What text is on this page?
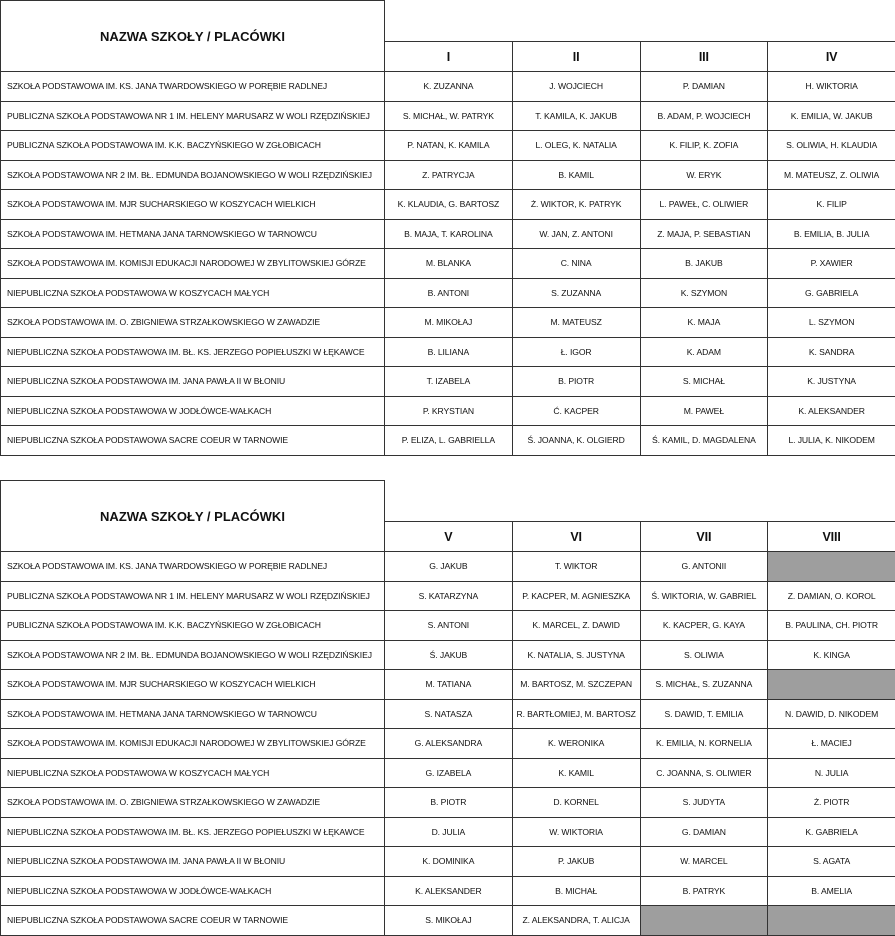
NAZWA SZKOŁY / PLACÓWKI				
	I	II	III	IV
SZKOŁA PODSTAWOWA IM. KS. JANA TWARDOWSKIEGO W PORĘBIE RADLNEJ	K. ZUZANNA	J. WOJCIECH	P. DAMIAN	H. WIKTORIA
PUBLICZNA SZKOŁA PODSTAWOWA NR 1 IM. HELENY MARUSARZ W WOLI RZĘDZIŃSKIEJ	S. MICHAŁ, W. PATRYK	T. KAMILA, K. JAKUB	B. ADAM, P. WOJCIECH	K. EMILIA, W. JAKUB
PUBLICZNA SZKOŁA PODSTAWOWA IM. K.K. BACZYŃSKIEGO W ZGŁOBICACH	P. NATAN, K. KAMILA	L. OLEG, K. NATALIA	K. FILIP, K. ZOFIA	S. OLIWIA, H. KLAUDIA
SZKOŁA PODSTAWOWA NR 2 IM. BŁ. EDMUNDA BOJANOWSKIEGO W WOLI RZĘDZIŃSKIEJ	Z. PATRYCJA	B. KAMIL	W. ERYK	M. MATEUSZ, Z. OLIWIA
SZKOŁA PODSTAWOWA IM. MJR SUCHARSKIEGO W KOSZYCACH WIELKICH	K. KLAUDIA, G. BARTOSZ	Ż. WIKTOR, K. PATRYK	L. PAWEŁ, C. OLIWIER	K. FILIP
SZKOŁA PODSTAWOWA IM. HETMANA JANA TARNOWSKIEGO W TARNOWCU	B. MAJA, T. KAROLINA	W. JAN, Z. ANTONI	Z. MAJA, P. SEBASTIAN	B. EMILIA, B. JULIA
SZKOŁA PODSTAWOWA IM. KOMISJI EDUKACJI NARODOWEJ W ZBYLITOWSKIEJ GÓRZE	M. BLANKA	C. NINA	B. JAKUB	P. XAWIER
NIEPUBLICZNA SZKOŁA PODSTAWOWA W KOSZYCACH MAŁYCH	B. ANTONI	S. ZUZANNA	K. SZYMON	G. GABRIELA
SZKOŁA PODSTAWOWA IM. O. ZBIGNIEWA STRZAŁKOWSKIEGO W ZAWADZIE	M. MIKOŁAJ	M. MATEUSZ	K. MAJA	L. SZYMON
NIEPUBLICZNA SZKOŁA PODSTAWOWA IM. BŁ. KS. JERZEGO POPIEŁUSZKI W ŁĘKAWCE	B. LILIANA	Ł. IGOR	K. ADAM	K. SANDRA
NIEPUBLICZNA SZKOŁA PODSTAWOWA IM. JANA PAWŁA II W BŁONIU	T. IZABELA	B. PIOTR	S. MICHAŁ	K. JUSTYNA
NIEPUBLICZNA SZKOŁA PODSTAWOWA W JODŁÓWCE-WAŁKACH	P. KRYSTIAN	Ć. KACPER	M. PAWEŁ	K. ALEKSANDER
NIEPUBLICZNA SZKOŁA PODSTAWOWA SACRE COEUR W TARNOWIE	P. ELIZA, L. GABRIELLA	Ś. JOANNA, K. OLGIERD	Ś. KAMIL, D. MAGDALENA	L. JULIA, K. NIKODEM
NAZWA SZKOŁY / PLACÓWKI				
	V	VI	VII	VIII
SZKOŁA PODSTAWOWA IM. KS. JANA TWARDOWSKIEGO W PORĘBIE RADLNEJ	G. JAKUB	T. WIKTOR	G. ANTONII	
PUBLICZNA SZKOŁA PODSTAWOWA NR 1 IM. HELENY MARUSARZ W WOLI RZĘDZIŃSKIEJ	S. KATARZYNA	P. KACPER, M. AGNIESZKA	Ś. WIKTORIA, W. GABRIEL	Z. DAMIAN, O. KOROL
PUBLICZNA SZKOŁA PODSTAWOWA IM. K.K. BACZYŃSKIEGO W ZGŁOBICACH	S. ANTONI	K. MARCEL, Z. DAWID	K. KACPER, G. KAYA	B. PAULINA, CH. PIOTR
SZKOŁA PODSTAWOWA NR 2 IM. BŁ. EDMUNDA BOJANOWSKIEGO W WOLI RZĘDZIŃSKIEJ	Ś. JAKUB	K. NATALIA, S. JUSTYNA	S. OLIWIA	K. KINGA
SZKOŁA PODSTAWOWA IM. MJR SUCHARSKIEGO W KOSZYCACH WIELKICH	M. TATIANA	M. BARTOSZ, M. SZCZEPAN	S. MICHAŁ, S. ZUZANNA	
SZKOŁA PODSTAWOWA IM. HETMANA JANA TARNOWSKIEGO W TARNOWCU	S. NATASZA	R. BARTŁOMIEJ, M. BARTOSZ	S. DAWID, T. EMILIA	N. DAWID, D. NIKODEM
SZKOŁA PODSTAWOWA IM. KOMISJI EDUKACJI NARODOWEJ W ZBYLITOWSKIEJ GÓRZE	G. ALEKSANDRA	K. WERONIKA	K. EMILIA, N. KORNELIA	Ł. MACIEJ
NIEPUBLICZNA SZKOŁA PODSTAWOWA W KOSZYCACH MAŁYCH	G. IZABELA	K. KAMIL	C. JOANNA, S. OLIWIER	N. JULIA
SZKOŁA PODSTAWOWA IM. O. ZBIGNIEWA STRZAŁKOWSKIEGO W ZAWADZIE	B. PIOTR	D. KORNEL	S. JUDYTA	Ż. PIOTR
NIEPUBLICZNA SZKOŁA PODSTAWOWA IM. BŁ. KS. JERZEGO POPIEŁUSZKI W ŁĘKAWCE	D. JULIA	W. WIKTORIA	G. DAMIAN	K. GABRIELA
NIEPUBLICZNA SZKOŁA PODSTAWOWA IM. JANA PAWŁA II W BŁONIU	K. DOMINIKA	P. JAKUB	W. MARCEL	S. AGATA
NIEPUBLICZNA SZKOŁA PODSTAWOWA W JODŁÓWCE-WAŁKACH	K. ALEKSANDER	B. MICHAŁ	B. PATRYK	B. AMELIA
NIEPUBLICZNA SZKOŁA PODSTAWOWA SACRE COEUR W TARNOWIE	S. MIKOŁAJ	Z. ALEKSANDRA, T. ALICJA		
